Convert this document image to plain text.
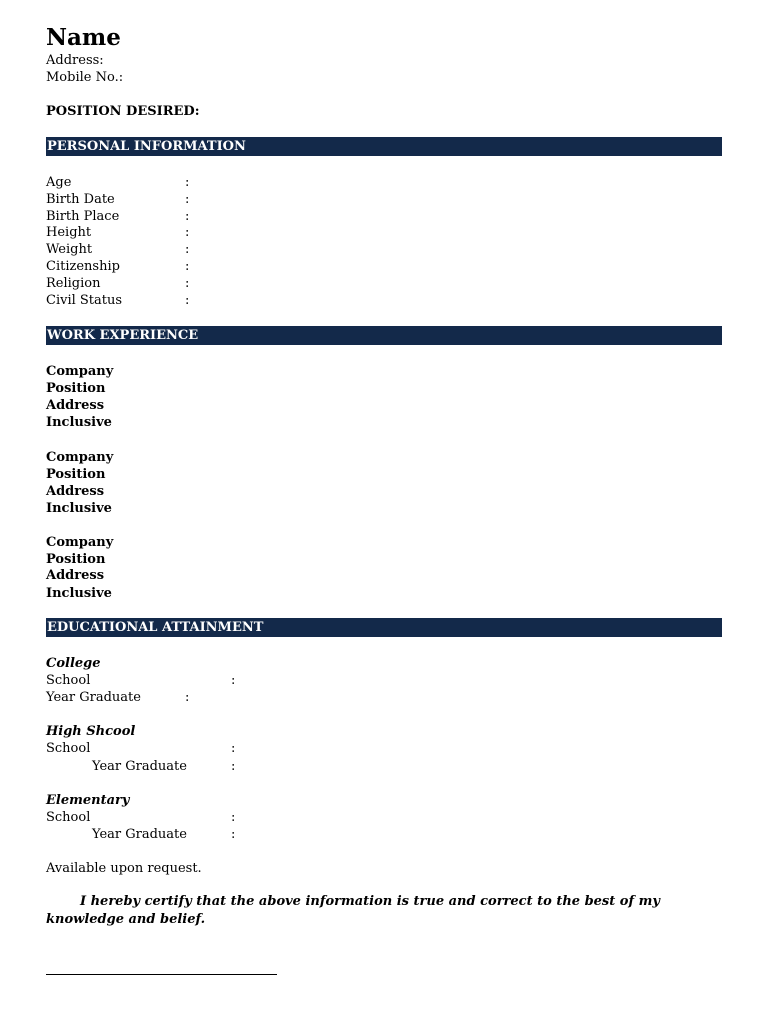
Name
Address:
Mobile No.:
POSITION DESIRED:
PERSONAL INFORMATION
Age	:
Birth Date	:
Birth Place	:
Height	:
Weight	:
Citizenship	:
Religion	:
Civil Status	:
WORK EXPERIENCE
Company
Position
Address
Inclusive
Company
Position
Address
Inclusive
Company
Position
Address
Inclusive
EDUCATIONAL ATTAINMENT
College
School	:
Year Graduate	:
High Shcool
School	:
Year Graduate	:
Elementary
School	:
Year Graduate	:
Available upon request.
I hereby certify that the above information is true and correct to the best of my knowledge and belief.
